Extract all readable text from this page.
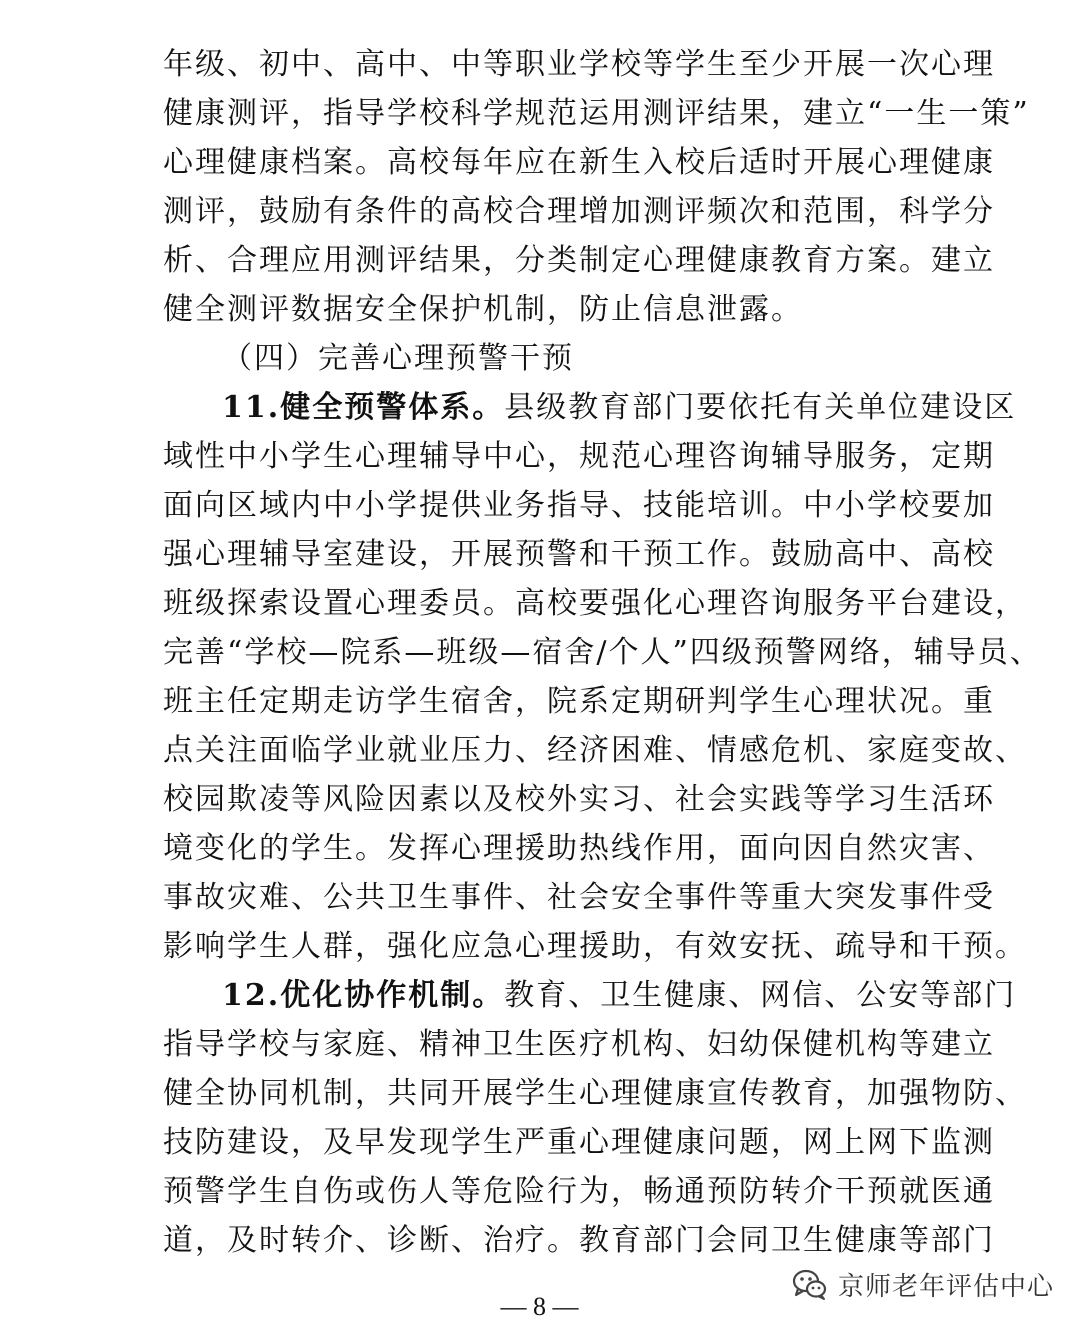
年级、初中、高中、中等职业学校等学生至少开展一次心理
健康测评，指导学校科学规范运用测评结果，建立“一生一策”
心理健康档案。高校每年应在新生入校后适时开展心理健康
测评，鼓励有条件的高校合理增加测评频次和范围，科学分
析、合理应用测评结果，分类制定心理健康教育方案。建立
健全测评数据安全保护机制，防止信息泄露。
（四）完善心理预警干预
11.健全预警体系。县级教育部门要依托有关单位建设区
域性中小学生心理辅导中心，规范心理咨询辅导服务，定期
面向区域内中小学提供业务指导、技能培训。中小学校要加
强心理辅导室建设，开展预警和干预工作。鼓励高中、高校
班级探索设置心理委员。高校要强化心理咨询服务平台建设，
完善“学校—院系—班级—宿舍/个人”四级预警网络，辅导员、
班主任定期走访学生宿舍，院系定期研判学生心理状况。重
点关注面临学业就业压力、经济困难、情感危机、家庭变故、
校园欺凌等风险因素以及校外实习、社会实践等学习生活环
境变化的学生。发挥心理援助热线作用，面向因自然灾害、
事故灾难、公共卫生事件、社会安全事件等重大突发事件受
影响学生人群，强化应急心理援助，有效安抚、疏导和干预。
12.优化协作机制。教育、卫生健康、网信、公安等部门
指导学校与家庭、精神卫生医疗机构、妇幼保健机构等建立
健全协同机制，共同开展学生心理健康宣传教育，加强物防、
技防建设，及早发现学生严重心理健康问题，网上网下监测
预警学生自伤或伤人等危险行为，畅通预防转介干预就医通
道，及时转介、诊断、治疗。教育部门会同卫生健康等部门
京师老年评估中心
— 8 —
